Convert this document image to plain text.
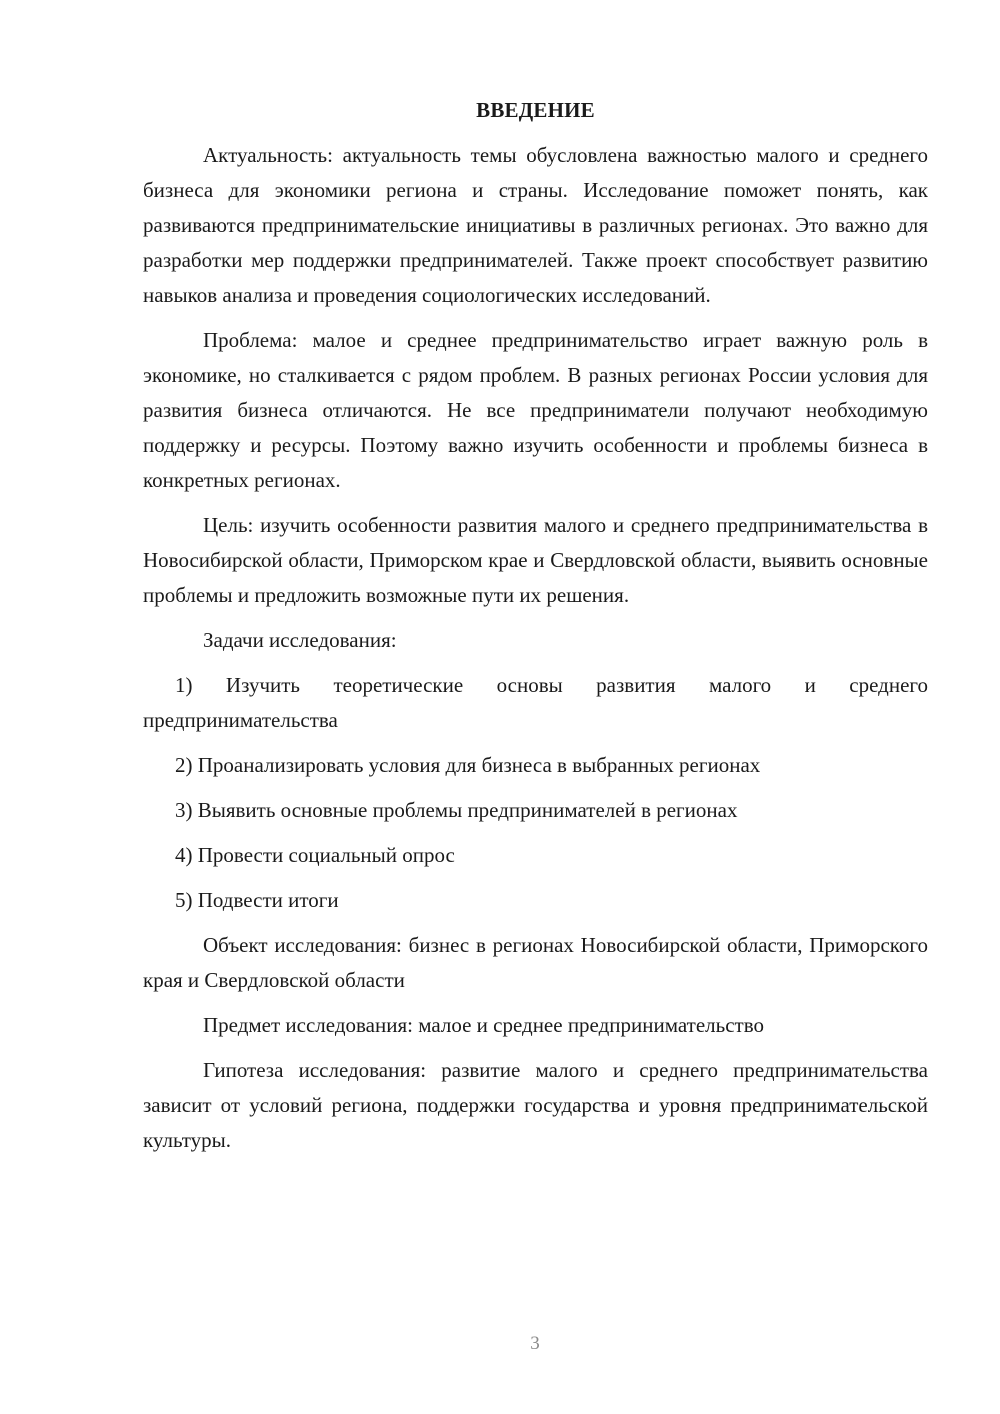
ВВЕДЕНИЕ

Актуальность: актуальность темы обусловлена важностью малого и среднего бизнеса для экономики региона и страны. Исследование поможет понять, как развиваются предпринимательские инициативы в различных регионах. Это важно для разработки мер поддержки предпринимателей. Также проект способствует развитию навыков анализа и проведения социологических исследований.

Проблема: малое и среднее предпринимательство играет важную роль в экономике, но сталкивается с рядом проблем. В разных регионах России условия для развития бизнеса отличаются. Не все предприниматели получают необходимую поддержку и ресурсы. Поэтому важно изучить особенности и проблемы бизнеса в конкретных регионах.

Цель: изучить особенности развития малого и среднего предпринимательства в Новосибирской области, Приморском крае и Свердловской области, выявить основные проблемы и предложить возможные пути их решения.

Задачи исследования:

1) Изучить теоретические основы развития малого и среднего предпринимательства

2) Проанализировать условия для бизнеса в выбранных регионах

3) Выявить основные проблемы предпринимателей в регионах

4) Провести социальный опрос

5) Подвести итоги

Объект исследования: бизнес в регионах Новосибирской области, Приморского края и Свердловской области

Предмет исследования: малое и среднее предпринимательство

Гипотеза исследования: развитие малого и среднего предпринимательства зависит от условий региона, поддержки государства и уровня предпринимательской культуры.

3
